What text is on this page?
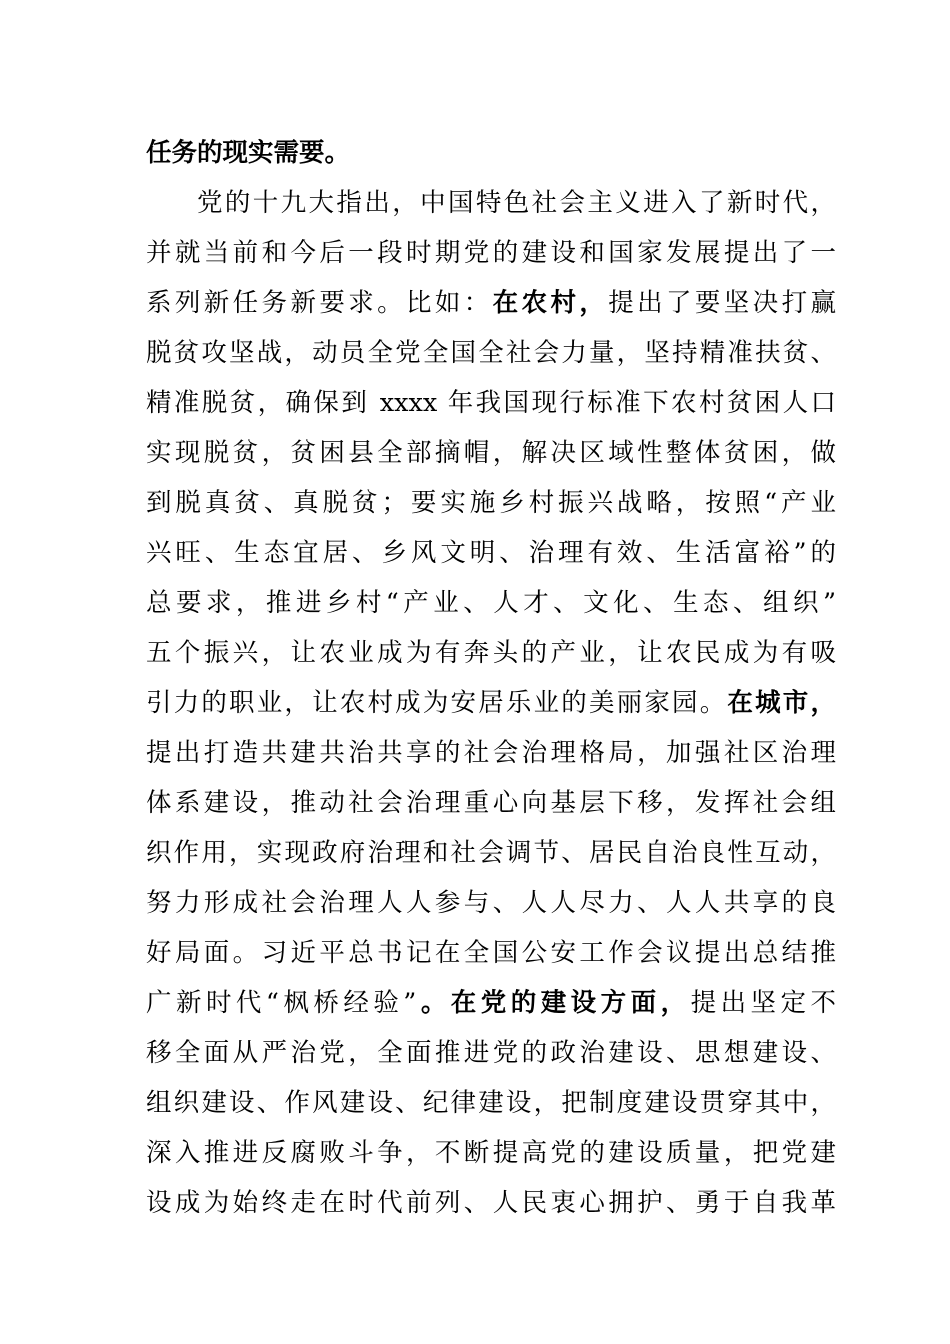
任务的现实需要。
党的十九大指出，中国特色社会主义进入了新时代，
并就当前和今后一段时期党的建设和国家发展提出了一
系列新任务新要求。比如：在农村，提出了要坚决打赢
脱贫攻坚战，动员全党全国全社会力量，坚持精准扶贫、
精准脱贫，确保到 xxxx 年我国现行标准下农村贫困人口
实现脱贫，贫困县全部摘帽，解决区域性整体贫困，做
到脱真贫、真脱贫；要实施乡村振兴战略，按照“产业
兴旺、生态宜居、乡风文明、治理有效、生活富裕”的
总要求，推进乡村“产业、人才、文化、生态、组织”
五个振兴，让农业成为有奔头的产业，让农民成为有吸
引力的职业，让农村成为安居乐业的美丽家园。在城市，
提出打造共建共治共享的社会治理格局，加强社区治理
体系建设，推动社会治理重心向基层下移，发挥社会组
织作用，实现政府治理和社会调节、居民自治良性互动，
努力形成社会治理人人参与、人人尽力、人人共享的良
好局面。习近平总书记在全国公安工作会议提出总结推
广新时代“枫桥经验”。在党的建设方面，提出坚定不
移全面从严治党，全面推进党的政治建设、思想建设、
组织建设、作风建设、纪律建设，把制度建设贯穿其中，
深入推进反腐败斗争，不断提高党的建设质量，把党建
设成为始终走在时代前列、人民衷心拥护、勇于自我革
